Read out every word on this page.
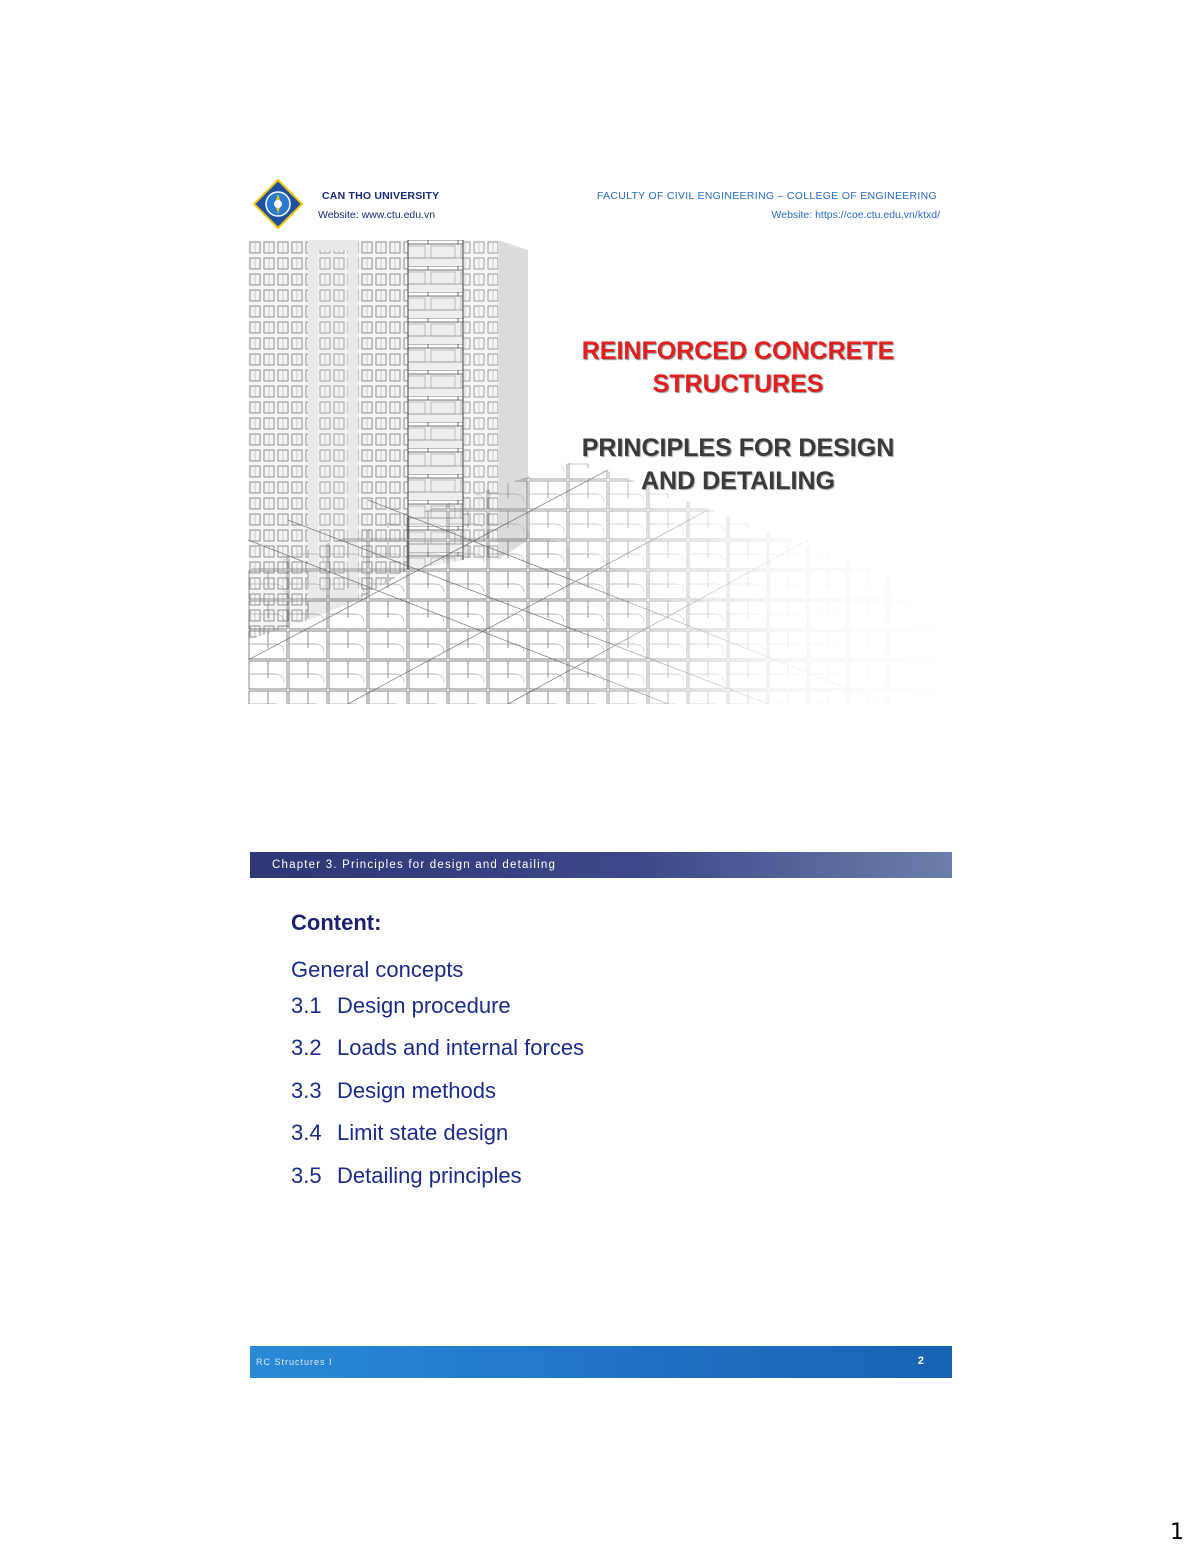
CAN THO UNIVERSITY
Website: www.ctu.edu.vn
FACULTY OF CIVIL ENGINEERING – COLLEGE OF ENGINEERING
Website: https://coe.ctu.edu.vn/ktxd/
REINFORCED CONCRETE
STRUCTURES
PRINCIPLES FOR DESIGN
AND DETAILING
Chapter 3. Principles for design and detailing
Content:
General concepts
3.1 Design procedure
3.2 Loads and internal forces
3.3 Design methods
3.4 Limit state design
3.5 Detailing principles
RC Structures I	2
1
